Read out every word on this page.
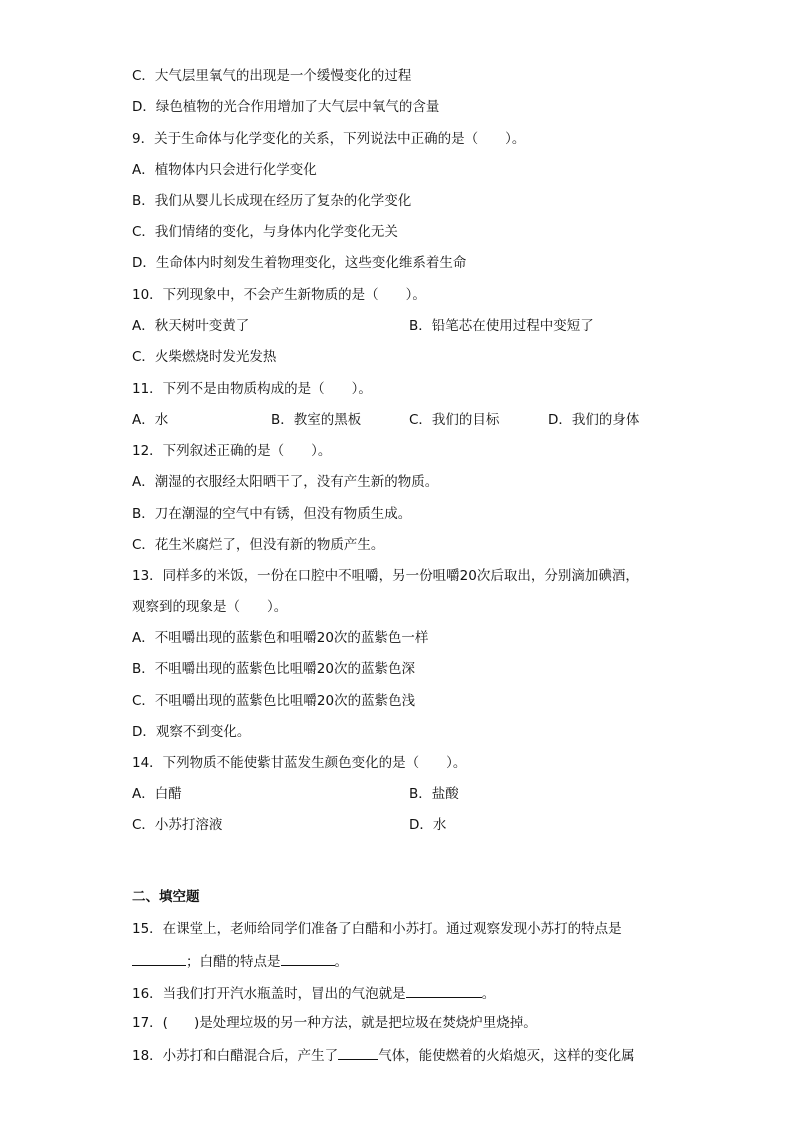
C．大气层里氧气的出现是一个缓慢变化的过程
D．绿色植物的光合作用增加了大气层中氧气的含量
9．关于生命体与化学变化的关系，下列说法中正确的是（　　）。
A．植物体内只会进行化学变化
B．我们从婴儿长成现在经历了复杂的化学变化
C．我们情绪的变化，与身体内化学变化无关
D．生命体内时刻发生着物理变化，这些变化维系着生命
10．下列现象中，不会产生新物质的是（　　）。
A．秋天树叶变黄了	B．铅笔芯在使用过程中变短了
C．火柴燃烧时发光发热
11．下列不是由物质构成的是（　　）。
A．水	B．教室的黑板	C．我们的目标	D．我们的身体
12．下列叙述正确的是（　　）。
A．潮湿的衣服经太阳晒干了，没有产生新的物质。
B．刀在潮湿的空气中有锈，但没有物质生成。
C．花生米腐烂了，但没有新的物质产生。
13．同样多的米饭，一份在口腔中不咀嚼，另一份咀嚼20次后取出，分别滴加碘酒，
观察到的现象是（　　）。
A．不咀嚼出现的蓝紫色和咀嚼20次的蓝紫色一样
B．不咀嚼出现的蓝紫色比咀嚼20次的蓝紫色深
C．不咀嚼出现的蓝紫色比咀嚼20次的蓝紫色浅
D．观察不到变化。
14．下列物质不能使紫甘蓝发生颜色变化的是（　　）。
A．白醋	B．盐酸
C．小苏打溶液	D．水
二、填空题
15．在课堂上，老师给同学们准备了白醋和小苏打。通过观察发现小苏打的特点是
；白醋的特点是	。
16．当我们打开汽水瓶盖时，冒出的气泡就是	。
17．( )是处理垃圾的另一种方法，就是把垃圾在焚烧炉里烧掉。
18．小苏打和白醋混合后，产生了	气体，能使燃着的火焰熄灭，这样的变化属
